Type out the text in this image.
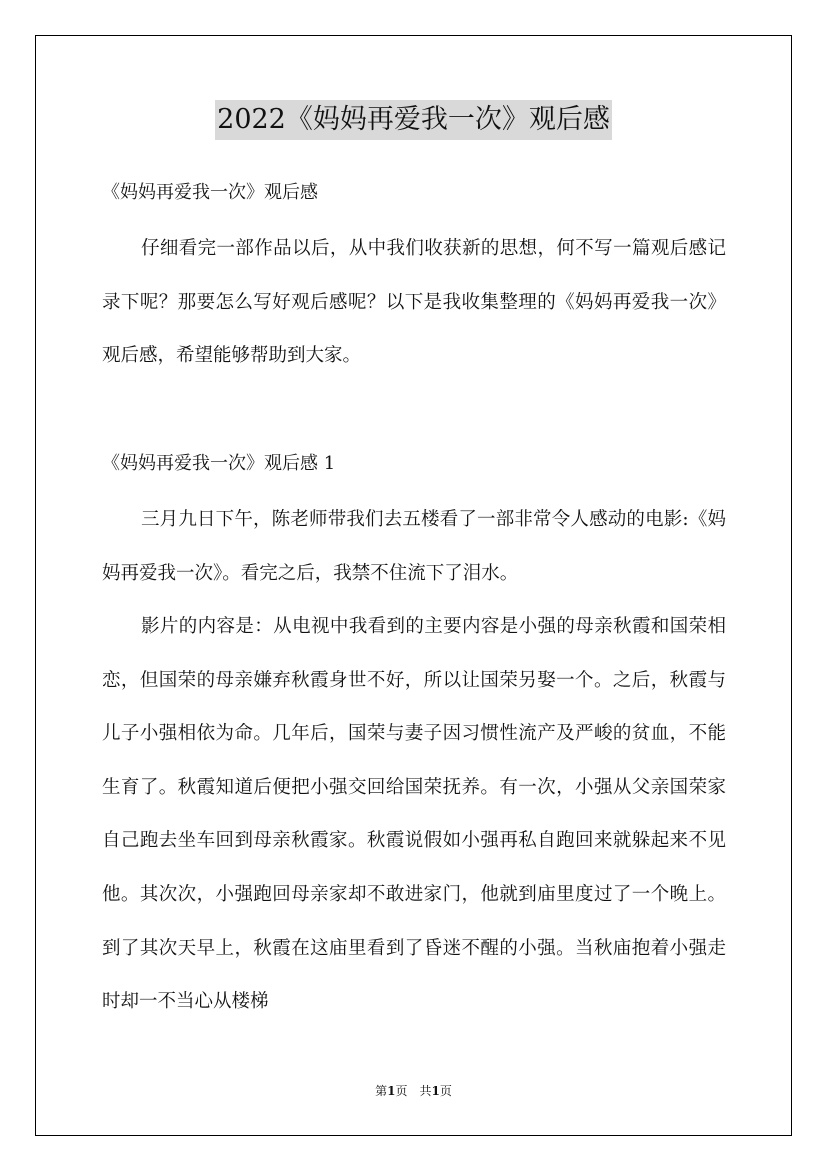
2022《妈妈再爱我一次》观后感
《妈妈再爱我一次》观后感

仔细看完一部作品以后，从中我们收获新的思想，何不写一篇观后感记录下呢？那要怎么写好观后感呢？以下是我收集整理的《妈妈再爱我一次》观后感，希望能够帮助到大家。

《妈妈再爱我一次》观后感 1

三月九日下午，陈老师带我们去五楼看了一部非常令人感动的电影:《妈妈再爱我一次》。看完之后，我禁不住流下了泪水。

影片的内容是：从电视中我看到的主要内容是小强的母亲秋霞和国荣相恋，但国荣的母亲嫌弃秋霞身世不好，所以让国荣另娶一个。之后，秋霞与儿子小强相依为命。几年后，国荣与妻子因习惯性流产及严峻的贫血，不能生育了。秋霞知道后便把小强交回给国荣抚养。有一次，小强从父亲国荣家自己跑去坐车回到母亲秋霞家。秋霞说假如小强再私自跑回来就躲起来不见他。其次次，小强跑回母亲家却不敢进家门，他就到庙里度过了一个晚上。到了其次天早上，秋霞在这庙里看到了昏迷不醒的小强。当秋庙抱着小强走时却一不当心从楼梯

第1页　共1页
